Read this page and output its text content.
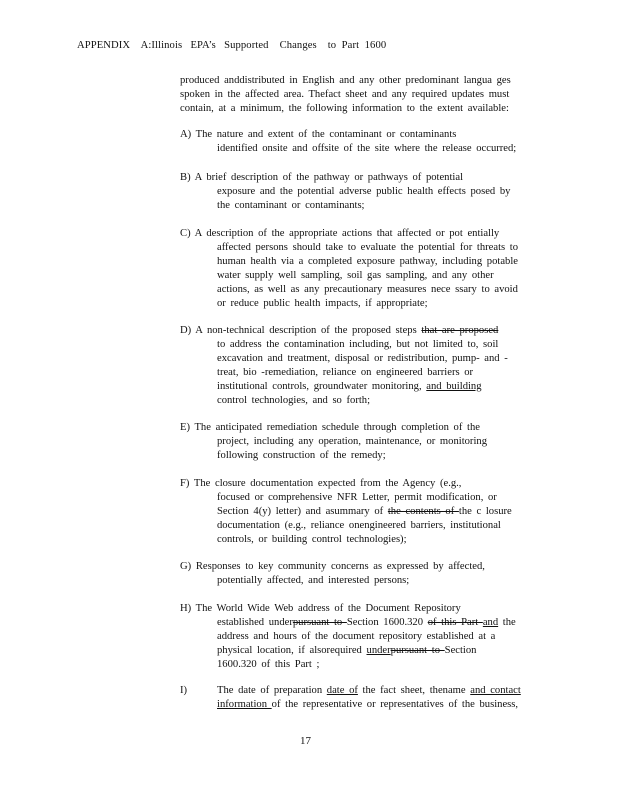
APPENDIX    A:Illinois   EPA’s   Supported    Changes    to  Part  1600
produced anddistributed in English and any other predominant langua ges
spoken in the affected area. Thefact sheet and any required updates must
contain, at a minimum, the following information to the extent available:
A) The nature and extent of the contaminant or contaminants
identified onsite and offsite of the site where the release occurred;
B) A brief description of the pathway or pathways of potential
exposure and the potential adverse public health effects posed by
the contaminant or contaminants;
C) A description of the appropriate actions that affected or pot entially
affected persons should take to evaluate the potential for threats to
human health via a completed exposure pathway, including potable
water supply well sampling, soil gas sampling, and any other
actions, as well as any precautionary measures nece ssary to avoid
or reduce public health impacts, if appropriate;
D) A non-technical description of the proposed steps that are proposed
to address the contamination including, but not limited to, soil
excavation and treatment, disposal or redistribution, pump- and -
treat, bio -remediation, reliance on engineered barriers or
institutional controls, groundwater monitoring, and building
control technologies, and so forth;
E) The anticipated remediation schedule through completion of the
project, including any operation, maintenance, or monitoring
following construction of the remedy;
F) The closure documentation expected from the Agency (e.g.,
focused or comprehensive NFR Letter, permit modification, or
Section 4(y) letter) and asummary of the contents of the c losure
documentation (e.g., reliance onengineered barriers, institutional
controls, or building control technologies);
G) Responses to key community concerns as expressed by affected,
potentially affected, and interested persons;
H) The World Wide Web address of the Document Repository
established underpursuant to Section 1600.320 of this Part and the
address and hours of the document repository established at a
physical location, if alsorequired underpursuant to Section
1600.320 of this Part ;
I)	The date of preparation date of the fact sheet, thename and contact
information of the representative or representatives of the business,
17
